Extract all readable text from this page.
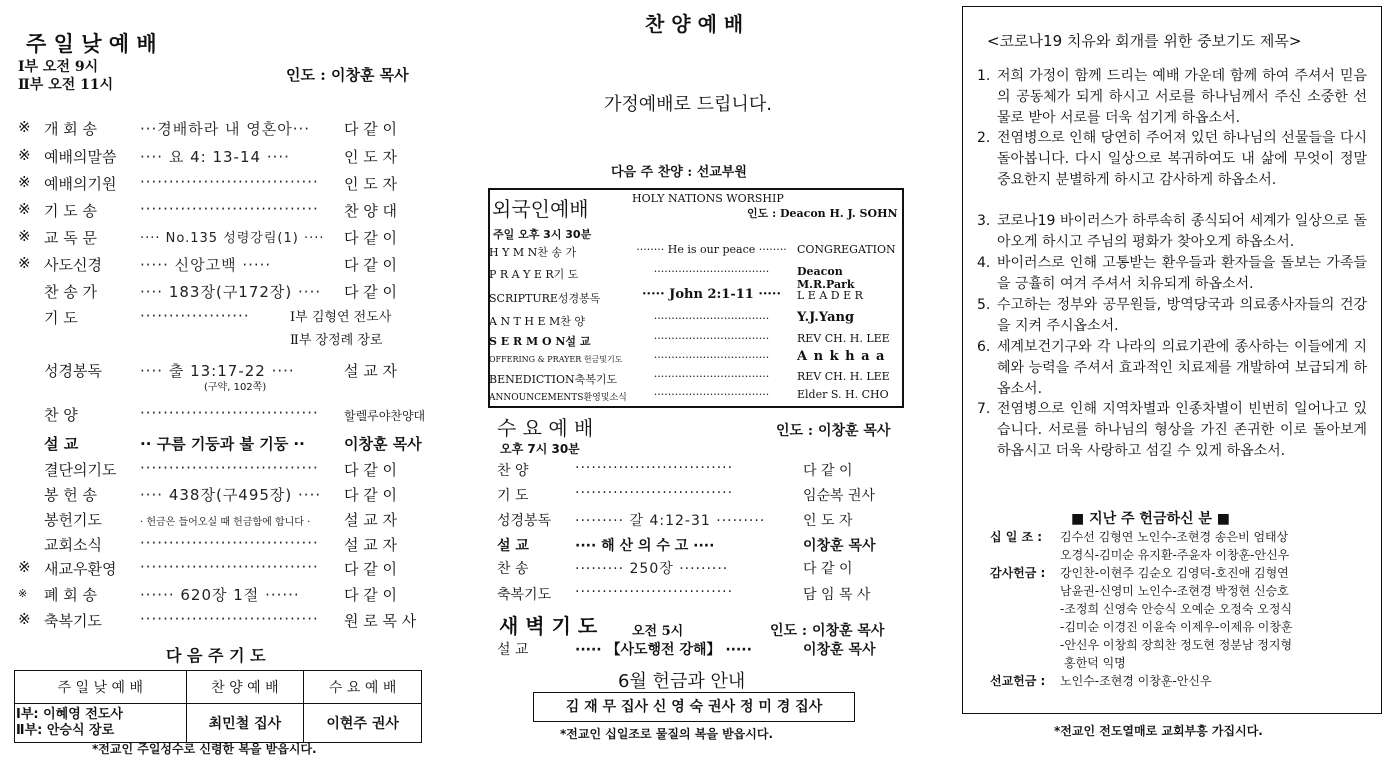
주 일 낮 예 배
Ⅰ부 오전 9시
Ⅱ부 오전 11시
인도 : 이창훈 목사
※ 개 회 송	···경배하라 내 영혼아···	다 같 이
※ 예배의말씀	···· 요 4: 13-14 ····	인 도 자
※ 예배의기원	·······························	인 도 자
※ 기 도 송	·······························	찬 양 대
※ 교 독 문	···· No.135 성령강림(1) ····	다 같 이
※ 사도신경	····· 신앙고백 ·····	다 같 이
찬 송 가	···· 183장(구172장) ····	다 같 이
기 도	···················	Ⅰ부 김형연 전도사
Ⅱ부 장정례 장로
성경봉독	···· 출 13:17-22 ····	설 교 자
(구약, 102쪽)
찬 양	·······························	할렐루야찬양대
설 교	·· 구름 기둥과 불 기둥 ··	이창훈 목사
결단의기도	·······························	다 같 이
봉 헌 송	···· 438장(구495장) ····	다 같 이
봉헌기도	· 헌금은 들어오실 때 헌금함에 합니다 ·	설 교 자
교회소식	·······························	설 교 자
※ 새교우환영	·······························	다 같 이
※	폐 회 송	······ 620장 1절 ······	다 같 이
※ 축복기도	·······························	원 로 목 사
다 음 주 기 도
주 일 낮 예 배	찬 양 예 배	수 요 예 배

Ⅰ부: 이혜영 전도사
Ⅱ부: 안승식 장로	최민철 집사	이현주 권사
*전교인 주일성수로 신령한 복을 받읍시다.
찬 양 예 배
가정예배로 드립니다.
다음 주 찬양 : 선교부원
외국인예배	HOLY NATIONS WORSHIP
인도 : Deacon H. J. SOHN
주일 오후 3시 30분
H Y M N찬 송 가	········ He is our peace ········ CONGREGATION
P R A Y E R기 도	·································	Deacon M.R.Park
SCRIPTURE성경봉독	····· John 2:1-11 ·····	L E A D E R
A N T H E M찬 양	·································	Y.J.Yang
S E R M O N설 교	·································	REV CH. H. LEE
OFFERING & PRAYER 헌금및기도	·································	A n k h a a
BENEDICTION축복기도	·································	REV CH. H. LEE
ANNOUNCEMENTS환영및소식	·································	Elder S. H. CHO
수 요 예 배	인도 : 이창훈 목사
오후 7시 30분
찬 양	·····························	다 같 이
기 도	·····························	임순복 권사
성경봉독	········· 갈 4:12-31 ·········	인 도 자
설 교	···· 해 산 의 수 고 ····	이창훈 목사
찬 송	········· 250장 ·········	다 같 이
축복기도	·····························	담 임 목 사
새 벽 기 도	오전 5시	인도 : 이창훈 목사
설 교	····· 【사도행전 강해】 ·····	이창훈 목사
6월 헌금과 안내
김 재 무 집사 신 영 숙 권사 정 미 경 집사
*전교인 십일조로 물질의 복을 받읍시다.
<코로나19 치유와 회개를 위한 중보기도 제목>
1. 저희 가정이 함께 드리는 예배 가운데 함께 하여 주셔서 믿음의 공동체가 되게 하시고 서로를 하나님께서 주신 소중한 선물로 받아 서로를 더욱 섬기게 하옵소서.
2. 전염병으로 인해 당연히 주어져 있던 하나님의 선물들을 다시 돌아봅니다. 다시 일상으로 복귀하여도 내 삶에 무엇이 정말 중요한지 분별하게 하시고 감사하게 하옵소서.
3. 코로나19 바이러스가 하루속히 종식되어 세계가 일상으로 돌아오게 하시고 주님의 평화가 찾아오게 하옵소서.
4. 바이러스로 인해 고통받는 환우들과 환자들을 돌보는 가족들을 긍휼히 여겨 주셔서 치유되게 하옵소서.
5. 수고하는 정부와 공무원들, 방역당국과 의료종사자들의 건강을 지켜 주시옵소서.
6. 세계보건기구와 각 나라의 의료기관에 종사하는 이들에게 지혜와 능력을 주셔서 효과적인 치료제를 개발하여 보급되게 하옵소서.
7. 전염병으로 인해 지역차별과 인종차별이 빈번히 일어나고 있습니다. 서로를 하나님의 형상을 가진 존귀한 이로 돌아보게 하옵시고 더욱 사랑하고 섬길 수 있게 하옵소서.
■ 지난 주 헌금하신 분 ■
십 일 조 : 김수선 김형연 노인수-조현경 송은비 엄태상
오경식-김미순 유지환-주윤자 이창훈-안신우
감사헌금 : 강인찬-이현주 김순오 김영덕-호진애 김형연
남윤권-신영미 노인수-조현경 박정현 신승호
-조정희 신영숙 안승식 오예순 오정숙 오정식
-김미순 이경진 이윤숙 이제우-이제유 이창훈
-안신우 이창희 장희찬 정도현 정분남 정지형
홍한덕 익명
선교헌금 : 노인수-조현경 이창훈-안신우
*전교인 전도열매로 교회부흥 가집시다.
